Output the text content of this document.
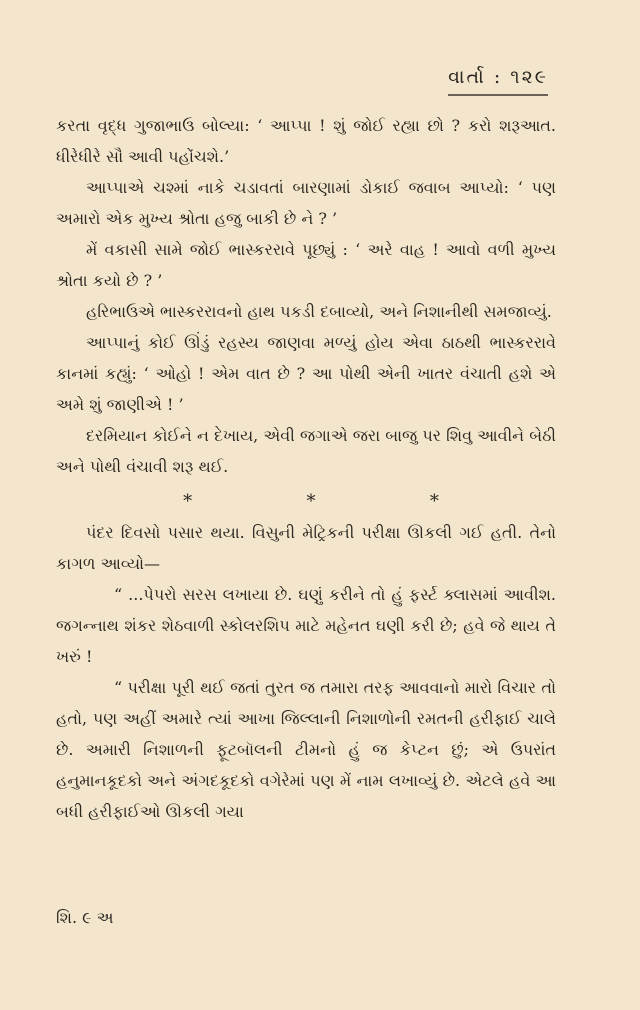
વાર્તા : ૧૨૯

કરતા વૃદ્ધ ગુજાભાઉ બોલ્યા: ‘ આપ્પા ! શું જોઈ રહ્યા છો ? કરો શરૂઆત. ધીરેધીરે સૌ આવી પહોંચશે.’

આપ્પાએ ચશ્માં નાકે ચડાવતાં બારણામાં ડોકાઈ જવાબ આપ્યો: ‘ પણ અમારો એક મુખ્ય શ્રોતા હજુ બાકી છે ને ? ’

મેં વકાસી સામે જોઈ ભાસ્કરરાવે પૂછ્યું : ‘ અરે વાહ ! આવો વળી મુખ્ય શ્રોતા કયો છે ? ’

હરિભાઉએ ભાસ્કરરાવનો હાથ પકડી દબાવ્યો, અને નિશાનીથી સમજાવ્યું.

આપ્પાનું કોઈ ઊંડું રહસ્ય જાણવા મળ્યું હોય એવા ઠાઠથી ભાસ્કરરાવે કાનમાં કહ્યું: ‘ ઓહો ! એમ વાત છે ? આ પોથી એની ખાતર વંચાતી હશે એ અમે શું જાણીએ ! ’

દરમિયાન કોઈને ન દેખાય, એવી જગાએ જરા બાજુ પર શિવુ આવીને બેઠી અને પોથી વંચાવી શરૂ થઈ.

*	*	*

પંદર દિવસો પસાર થયા. વિસુની મેટ્રિકની પરીક્ષા ઊકલી ગઈ હતી. તેનો કાગળ આવ્યો—

“ ...પેપરો સરસ લખાયા છે. ઘણું કરીને તો હું ફર્સ્ટ ક્લાસમાં આવીશ. જગન્નાથ શંકર શેઠવાળી સ્કોલરશિપ માટે મહેનત ઘણી કરી છે; હવે જે થાય તે ખરું !

“ પરીક્ષા પૂરી થઈ જતાં તુરત જ તમારા તરફ આવવાનો મારો વિચાર તો હતો, પણ અહીં અમારે ત્યાં આખા જિલ્લાની નિશાળોની રમતની હરીફાઈ ચાલે છે. અમારી નિશાળની ફૂટબૉલની ટીમનો હું જ કેપ્ટન છું; એ ઉપરાંત હનુમાનકૂદકો અને અંગદકૂદકો વગેરેમાં પણ મેં નામ લખાવ્યું છે. એટલે હવે આ બધી હરીફાઈઓ ઊકલી ગયા

શિ. ૯ અ
